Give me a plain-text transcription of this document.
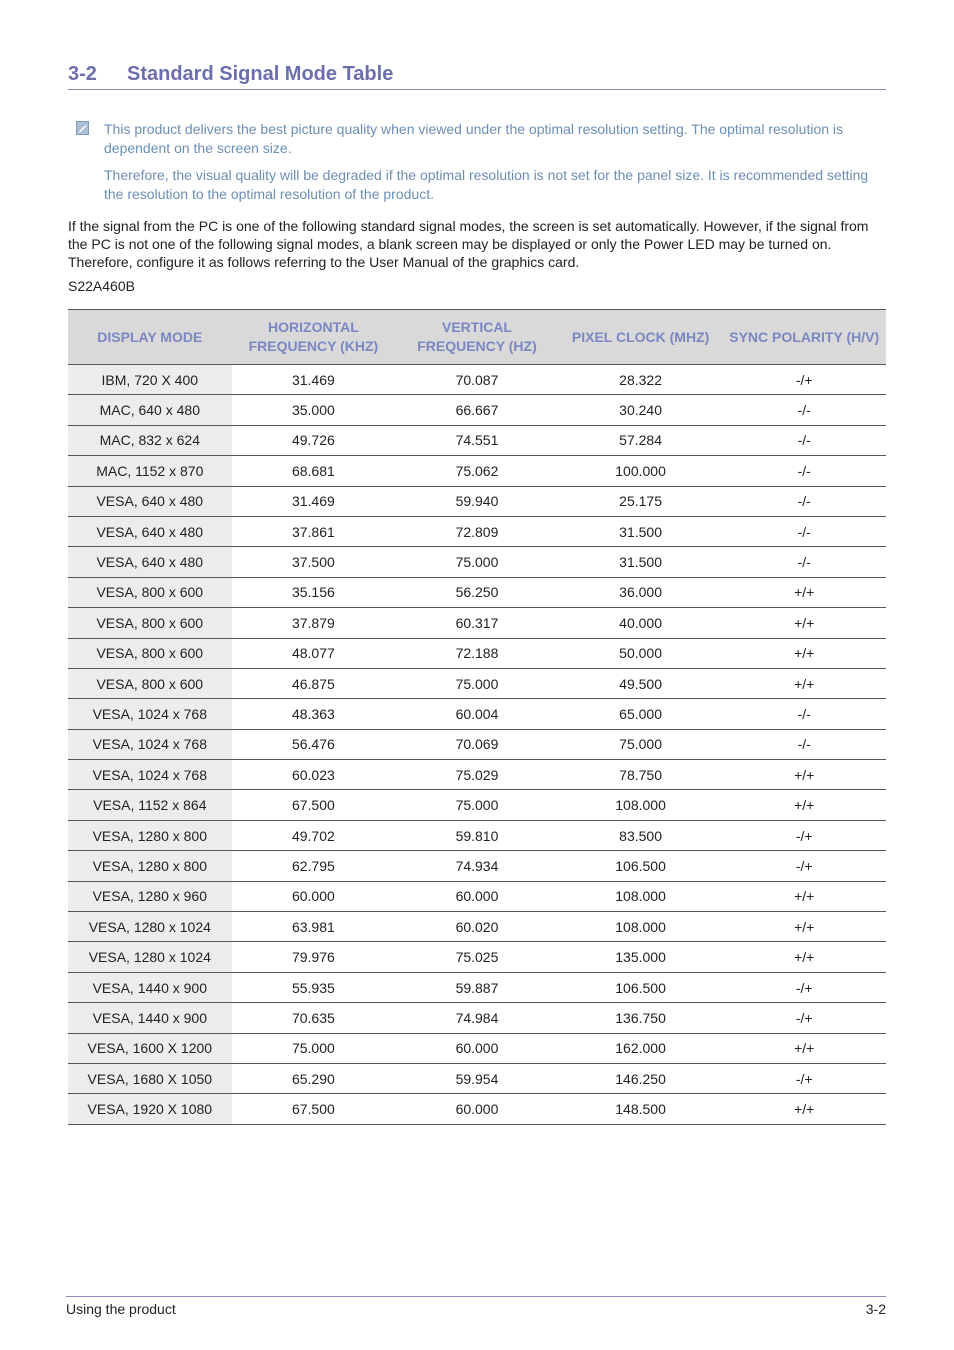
3-2 Standard Signal Mode Table

This product delivers the best picture quality when viewed under the optimal resolution setting. The optimal resolution is dependent on the screen size.

Therefore, the visual quality will be degraded if the optimal resolution is not set for the panel size. It is recommended setting the resolution to the optimal resolution of the product.

If the signal from the PC is one of the following standard signal modes, the screen is set automatically. However, if the signal from the PC is not one of the following signal modes, a blank screen may be displayed or only the Power LED may be turned on. Therefore, configure it as follows referring to the User Manual of the graphics card.

S22A460B

DISPLAY MODE	HORIZONTAL FREQUENCY (KHZ)	VERTICAL FREQUENCY (HZ)	PIXEL CLOCK (MHZ)	SYNC POLARITY (H/V)
IBM, 720 X 400	31.469	70.087	28.322	-/+
MAC, 640 x 480	35.000	66.667	30.240	-/-
MAC, 832 x 624	49.726	74.551	57.284	-/-
MAC, 1152 x 870	68.681	75.062	100.000	-/-
VESA, 640 x 480	31.469	59.940	25.175	-/-
VESA, 640 x 480	37.861	72.809	31.500	-/-
VESA, 640 x 480	37.500	75.000	31.500	-/-
VESA, 800 x 600	35.156	56.250	36.000	+/+
VESA, 800 x 600	37.879	60.317	40.000	+/+
VESA, 800 x 600	48.077	72.188	50.000	+/+
VESA, 800 x 600	46.875	75.000	49.500	+/+
VESA, 1024 x 768	48.363	60.004	65.000	-/-
VESA, 1024 x 768	56.476	70.069	75.000	-/-
VESA, 1024 x 768	60.023	75.029	78.750	+/+
VESA, 1152 x 864	67.500	75.000	108.000	+/+
VESA, 1280 x 800	49.702	59.810	83.500	-/+
VESA, 1280 x 800	62.795	74.934	106.500	-/+
VESA, 1280 x 960	60.000	60.000	108.000	+/+
VESA, 1280 x 1024	63.981	60.020	108.000	+/+
VESA, 1280 x 1024	79.976	75.025	135.000	+/+
VESA, 1440 x 900	55.935	59.887	106.500	-/+
VESA, 1440 x 900	70.635	74.984	136.750	-/+
VESA, 1600 X 1200	75.000	60.000	162.000	+/+
VESA, 1680 X 1050	65.290	59.954	146.250	-/+
VESA, 1920 X 1080	67.500	60.000	148.500	+/+
Using the product	3-2
